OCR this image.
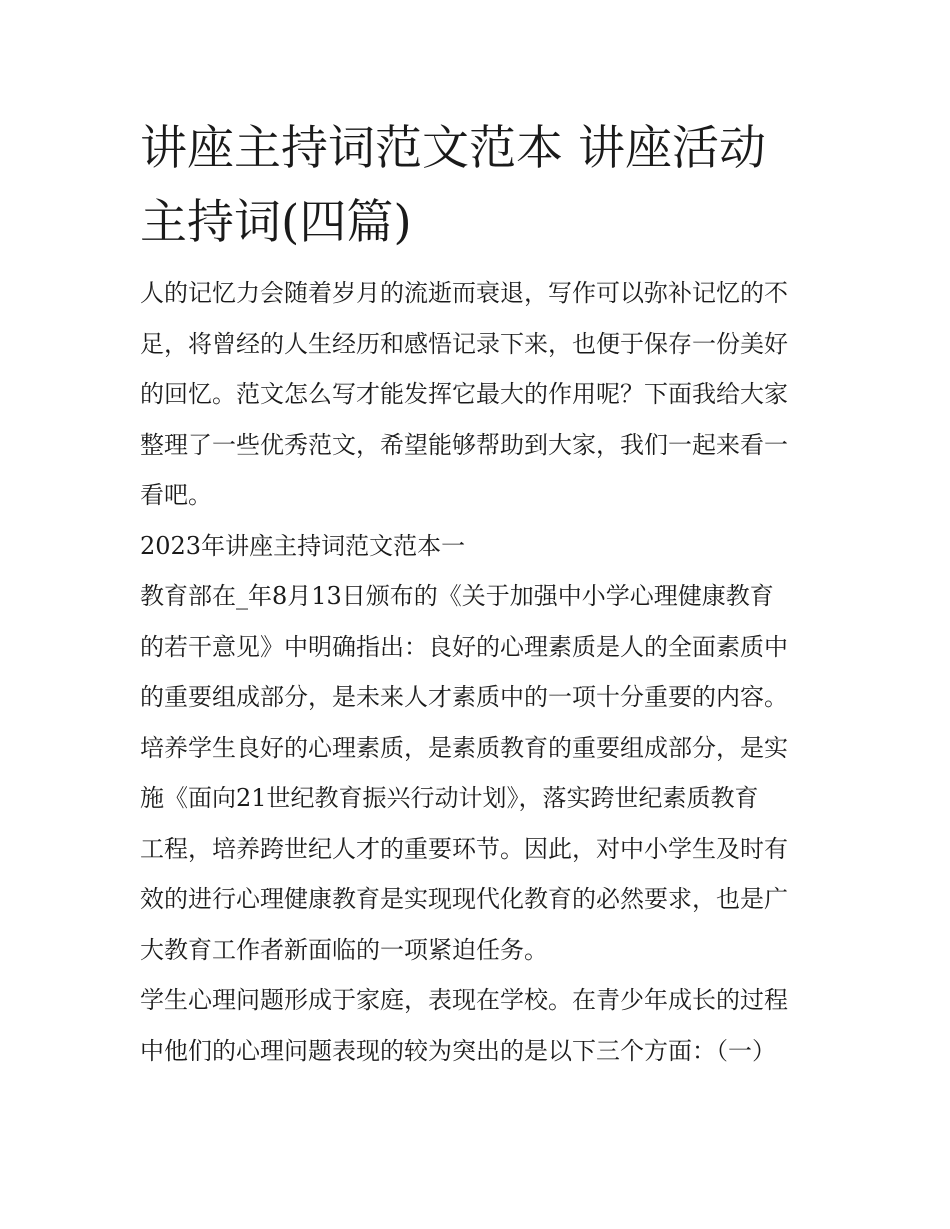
讲座主持词范文范本 讲座活动
主持词(四篇)

人的记忆力会随着岁月的流逝而衰退，写作可以弥补记忆的不
足，将曾经的人生经历和感悟记录下来，也便于保存一份美好
的回忆。范文怎么写才能发挥它最大的作用呢？下面我给大家
整理了一些优秀范文，希望能够帮助到大家，我们一起来看一
看吧。

2023年讲座主持词范文范本一

教育部在_年8月13日颁布的《关于加强中小学心理健康教育
的若干意见》中明确指出：良好的心理素质是人的全面素质中
的重要组成部分，是未来人才素质中的一项十分重要的内容。
培养学生良好的心理素质，是素质教育的重要组成部分，是实
施《面向21世纪教育振兴行动计划》，落实跨世纪素质教育
工程，培养跨世纪人才的重要环节。因此，对中小学生及时有
效的进行心理健康教育是实现现代化教育的必然要求，也是广
大教育工作者新面临的一项紧迫任务。

学生心理问题形成于家庭，表现在学校。在青少年成长的过程
中他们的心理问题表现的较为突出的是以下三个方面：（一）
